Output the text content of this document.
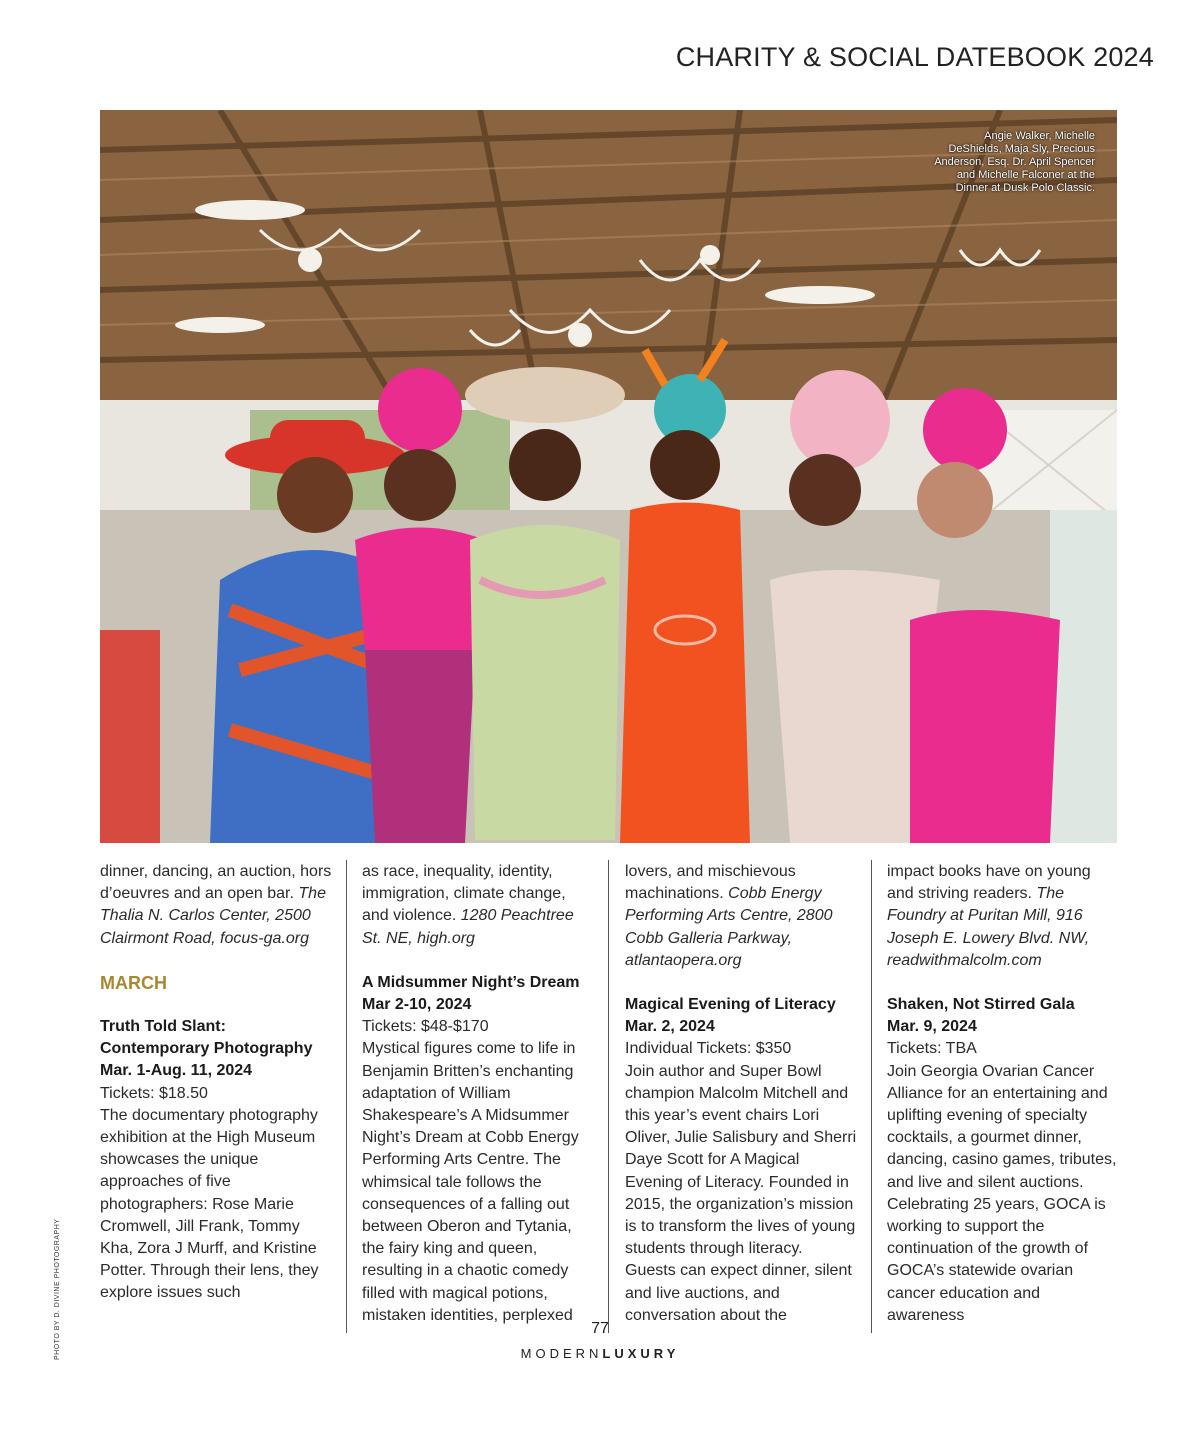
CHARITY & SOCIAL DATEBOOK 2024
Angie Walker, Michelle DeShields, Maja Sly, Precious Anderson, Esq. Dr. April Spencer and Michelle Falconer at the Dinner at Dusk Polo Classic.
PHOTO BY D. DIVINE PHOTOGRAPHY

dinner, dancing, an auction, hors d’oeuvres and an open bar. The Thalia N. Carlos Center, 2500 Clairmont Road, focus-ga.org

MARCH

Truth Told Slant: Contemporary Photography

Mar. 1-Aug. 11, 2024

Tickets: $18.50

The documentary photography exhibition at the High Museum showcases the unique approaches of five photographers: Rose Marie Cromwell, Jill Frank, Tommy Kha, Zora J Murff, and Kristine Potter. Through their lens, they explore issues such

as race, inequality, identity, immigration, climate change, and violence. 1280 Peachtree St. NE, high.org

A Midsummer Night’s Dream

Mar 2-10, 2024

Tickets: $48-$170

Mystical figures come to life in Benjamin Britten’s enchanting adaptation of William Shakespeare’s A Midsummer Night’s Dream at Cobb Energy Performing Arts Centre. The whimsical tale follows the consequences of a falling out between Oberon and Tytania, the fairy king and queen, resulting in a chaotic comedy filled with magical potions, mistaken identities, perplexed

lovers, and mischievous machinations. Cobb Energy Performing Arts Centre, 2800 Cobb Galleria Parkway, atlantaopera.org

Magical Evening of Literacy

Mar. 2, 2024

Individual Tickets: $350

Join author and Super Bowl champion Malcolm Mitchell and this year’s event chairs Lori Oliver, Julie Salisbury and Sherri Daye Scott for A Magical Evening of Literacy. Founded in 2015, the organization’s mission is to transform the lives of young students through literacy. Guests can expect dinner, silent and live auctions, and conversation about the

impact books have on young and striving readers. The Foundry at Puritan Mill, 916 Joseph E. Lowery Blvd. NW, readwithmalcolm.com

Shaken, Not Stirred Gala

Mar. 9, 2024

Tickets: TBA

Join Georgia Ovarian Cancer Alliance for an entertaining and uplifting evening of specialty cocktails, a gourmet dinner, dancing, casino games, tributes, and live and silent auctions. Celebrating 25 years, GOCA is working to support the continuation of the growth of GOCA’s statewide ovarian cancer education and awareness

77
MODERNLUXURY
